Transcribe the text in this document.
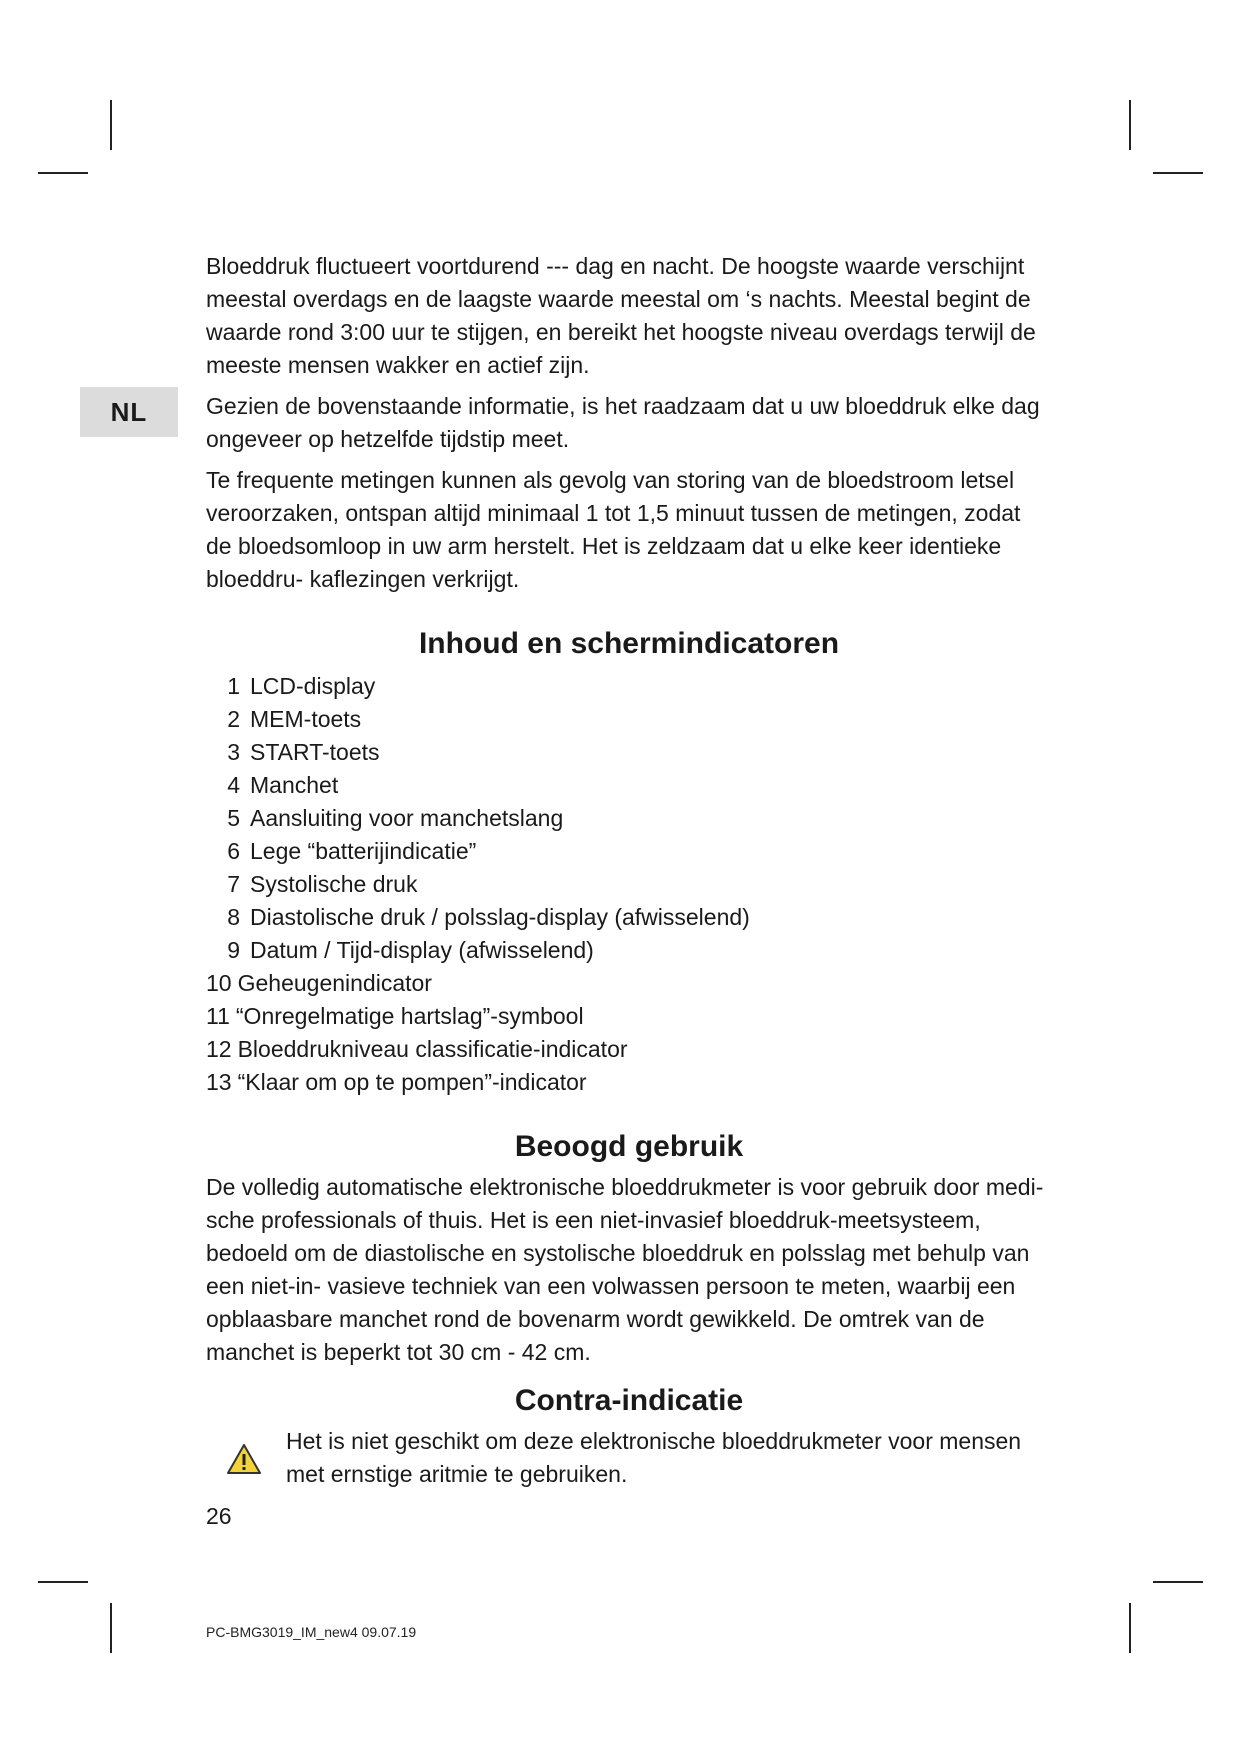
NL

Bloeddruk fluctueert voortdurend --- dag en nacht. De hoogste waarde verschijnt meestal overdags en de laagste waarde meestal om ‘s nachts. Meestal begint de waarde rond 3:00 uur te stijgen, en bereikt het hoogste niveau overdags terwijl de meeste mensen wakker en actief zijn.

Gezien de bovenstaande informatie, is het raadzaam dat u uw bloeddruk elke dag ongeveer op hetzelfde tijdstip meet.

Te frequente metingen kunnen als gevolg van storing van de bloedstroom letsel veroorzaken, ontspan altijd minimaal 1 tot 1,5 minuut tussen de metingen, zodat de bloedsomloop in uw arm herstelt. Het is zeldzaam dat u elke keer identieke bloeddru- kaflezingen verkrijgt.

Inhoud en schermindicatoren
1 LCD-display
2 MEM-toets
3 START-toets
4 Manchet
5 Aansluiting voor manchetslang
6 Lege “batterijindicatie”
7 Systolische druk
8 Diastolische druk / polsslag-display (afwisselend)
9 Datum / Tijd-display (afwisselend)
10 Geheugenindicator
11 “Onregelmatige hartslag”-symbool
12 Bloeddrukniveau classificatie-indicator
13 “Klaar om op te pompen”-indicator
Beoogd gebruik

De volledig automatische elektronische bloeddrukmeter is voor gebruik door medi- sche professionals of thuis. Het is een niet-invasief bloeddruk-meetsysteem, bedoeld om de diastolische en systolische bloeddruk en polsslag met behulp van een niet-in- vasieve techniek van een volwassen persoon te meten, waarbij een opblaasbare manchet rond de bovenarm wordt gewikkeld. De omtrek van de manchet is beperkt tot 30 cm - 42 cm.

Contra-indicatie

Het is niet geschikt om deze elektronische bloeddrukmeter voor mensen met ernstige aritmie te gebruiken.

26
PC-BMG3019_IM_new4 09.07.19
